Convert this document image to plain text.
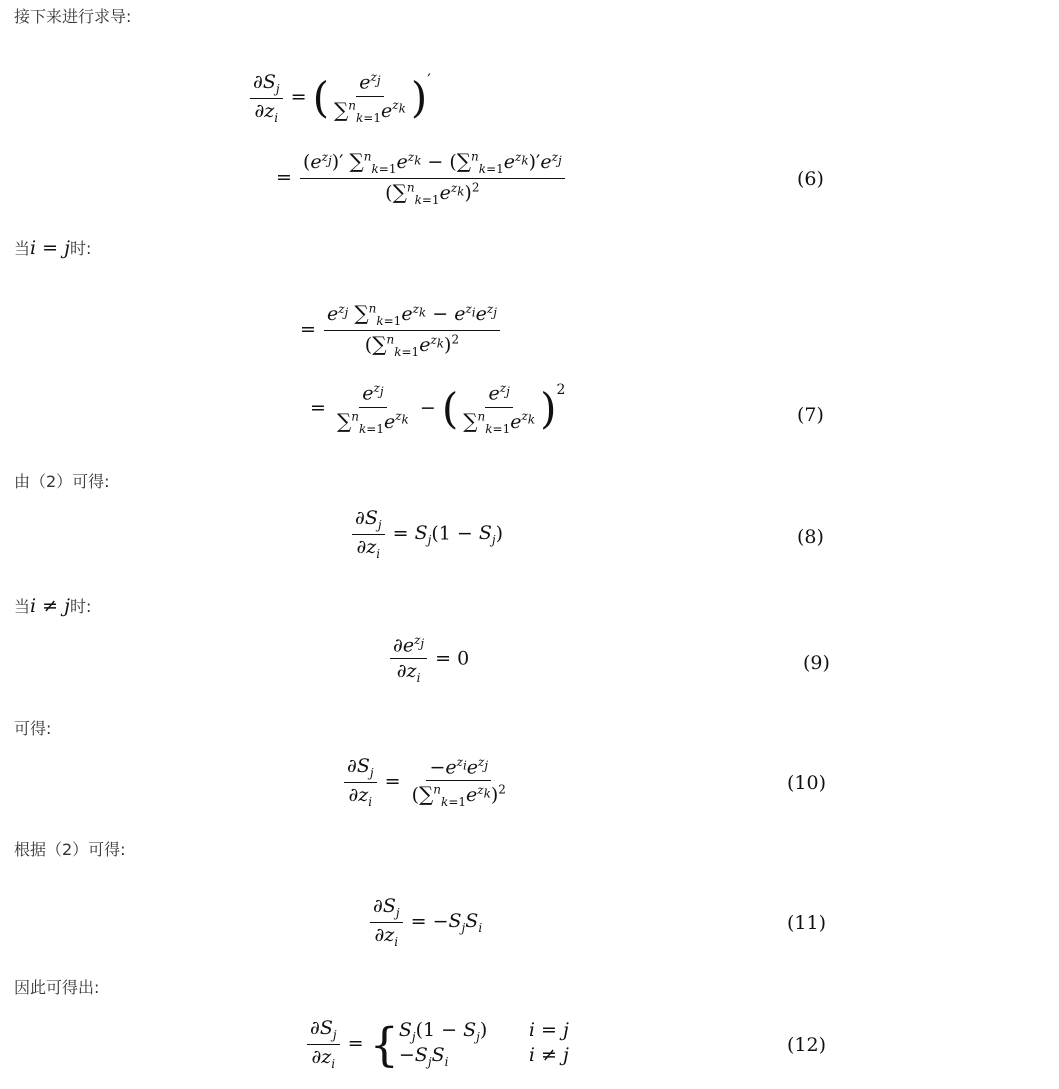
接下来进行求导:
$\frac{\partial S_j}{\partial z_i}$ = ( $\frac{e^{z_j}}{\sum^n_{k=1}e^{z_k}} )'$
= $\frac{(e^{z_j})' \sum^n_{k=1}e^{z_k} - (\sum^n_{k=1}e^{z_k})'e^{z_j}}{(\sum^n_{k=1}e^{z_k})^2}$	(6)
当i = j时:
= $\frac{e^{z_j} \sum^n_{k=1}e^{z_k} - e^{z_i}e^{z_j}}{(\sum^n_{k=1}e^{z_k})^2}$
= $\frac{e^{z_j}}{\sum^n_{k=1}e^{z_k}}$ − ( $\frac{e^{z_j}}{\sum^n_{k=1}e^{z_k}} )^2$
(7)
由（2）可得:
$\frac{\partial S_j}{\partial z_i} = S_j(1 - S_j)$	(8)
当i ≠ j时:
$\frac{\partial e^{z_j}}{\partial z_i} = 0$	(9)
可得:
$\frac{\partial S_j}{\partial z_i} = \frac{-e^{z_i}e^{z_j}}{(\sum^n_{k=1}e^{z_k})^2}$	(10)
根据（2）可得:
$\frac{\partial S_j}{\partial z_i} = -S_jS_i$	(11)
因此可得出:
$\frac{\partial S_j}{\partial z_i}$ = { $S_j(1 - S_j)$	i = j
$-S_jS_i$	i ≠ j	(12)
